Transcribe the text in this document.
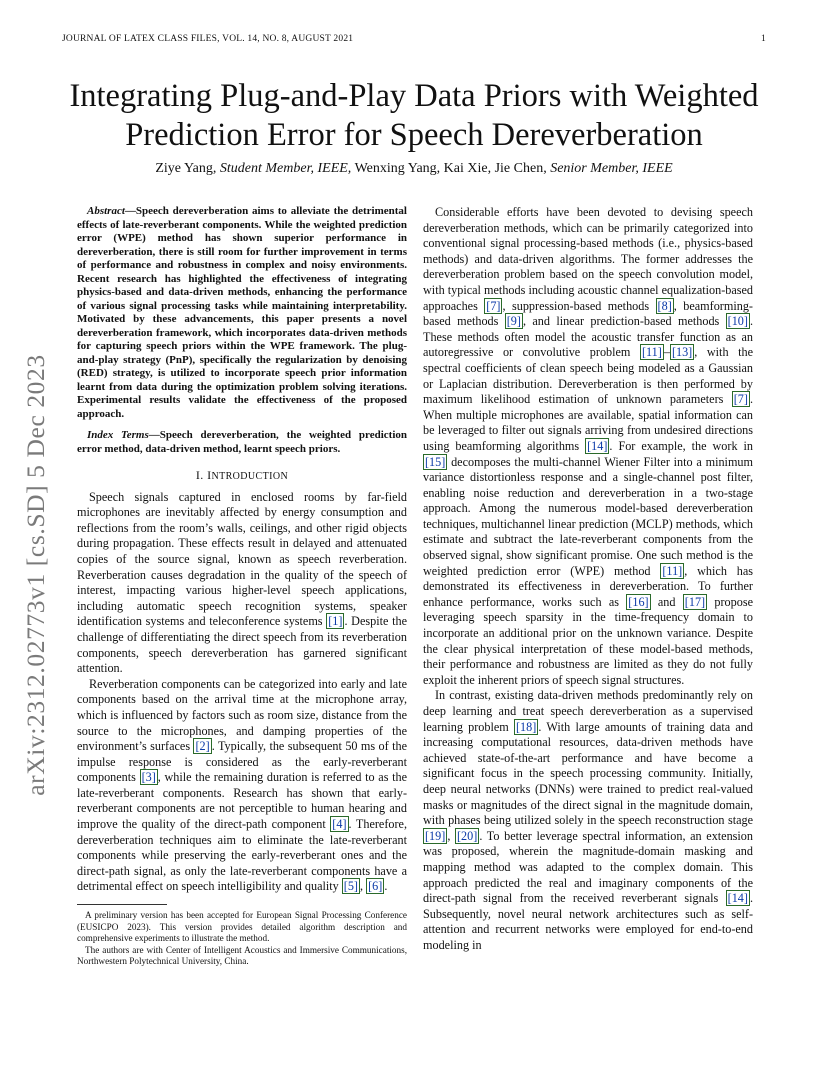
JOURNAL OF LATEX CLASS FILES, VOL. 14, NO. 8, AUGUST 2021	1
arXiv:2312.02773v1 [cs.SD] 5 Dec 2023
Integrating Plug-and-Play Data Priors with Weighted
Prediction Error for Speech Dereverberation
Ziye Yang, Student Member, IEEE, Wenxing Yang, Kai Xie, Jie Chen, Senior Member, IEEE

Abstract—Speech dereverberation aims to alleviate the detrimental effects of late-reverberant components. While the weighted prediction error (WPE) method has shown superior performance in dereverberation, there is still room for further improvement in terms of performance and robustness in complex and noisy environments. Recent research has highlighted the effectiveness of integrating physics-based and data-driven methods, enhancing the performance of various signal processing tasks while maintaining interpretability. Motivated by these advancements, this paper presents a novel dereverberation framework, which incorporates data-driven methods for capturing speech priors within the WPE framework. The plug-and-play strategy (PnP), specifically the regularization by denoising (RED) strategy, is utilized to incorporate speech prior information learnt from data during the optimization problem solving iterations. Experimental results validate the effectiveness of the proposed approach.

Index Terms—Speech dereverberation, the weighted prediction error method, data-driven method, learnt speech priors.

I. INTRODUCTION

Speech signals captured in enclosed rooms by far-field microphones are inevitably affected by energy consumption and reflections from the room’s walls, ceilings, and other rigid objects during propagation. These effects result in delayed and attenuated copies of the source signal, known as speech reverberation. Reverberation causes degradation in the quality of the speech of interest, impacting various higher-level speech applications, including automatic speech recognition systems, speaker identification systems and teleconference systems [1] . Despite the challenge of differentiating the direct speech from its reverberation components, speech dereverberation has garnered significant attention.

Reverberation components can be categorized into early and late components based on the arrival time at the microphone array, which is influenced by factors such as room size, distance from the source to the microphones, and damping properties of the environment’s surfaces [2] . Typically, the subsequent 50 ms of the impulse response is considered as the early-reverberant components [3] , while the remaining duration is referred to as the late-reverberant components. Research has shown that early-reverberant components are not perceptible to human hearing and improve the quality of the direct-path component [4] . Therefore, dereverberation techniques aim to eliminate the late-reverberant components while preserving the early-reverberant ones and the direct-path signal, as only the late-reverberant components have a detrimental effect on speech intelligibility and quality [5] , [6] .

A preliminary version has been accepted for European Signal Processing Conference (EUSICPO 2023). This version provides detailed algorithm description and comprehensive experiments to illustrate the method.

The authors are with Center of Intelligent Acoustics and Immersive Communications, Northwestern Polytechnical University, China.

Considerable efforts have been devoted to devising speech dereverberation methods, which can be primarily categorized into conventional signal processing-based methods (i.e., physics-based methods) and data-driven algorithms. The former addresses the dereverberation problem based on the speech convolution model, with typical methods including acoustic channel equalization-based approaches [7] , suppression-based methods [8] , beamforming-based methods [9] , and linear prediction-based methods [10] . These methods often model the acoustic transfer function as an autoregressive or convolutive problem [11] – [13] , with the spectral coefficients of clean speech being modeled as a Gaussian or Laplacian distribution. Dereverberation is then performed by maximum likelihood estimation of unknown parameters [7] . When multiple microphones are available, spatial information can be leveraged to filter out signals arriving from undesired directions using beamforming algorithms [14] . For example, the work in [15] decomposes the multi-channel Wiener Filter into a minimum variance distortionless response and a single-channel post filter, enabling noise reduction and dereverberation in a two-stage approach. Among the numerous model-based dereverberation techniques, multichannel linear prediction (MCLP) methods, which estimate and subtract the late-reverberant components from the observed signal, show significant promise. One such method is the weighted prediction error (WPE) method [11] , which has demonstrated its effectiveness in dereverberation. To further enhance performance, works such as [16] and [17] propose leveraging speech sparsity in the time-frequency domain to incorporate an additional prior on the unknown variance. Despite the clear physical interpretation of these model-based methods, their performance and robustness are limited as they do not fully exploit the inherent priors of speech signal structures.

In contrast, existing data-driven methods predominantly rely on deep learning and treat speech dereverberation as a supervised learning problem [18] . With large amounts of training data and increasing computational resources, data-driven methods have achieved state-of-the-art performance and have become a significant focus in the speech processing community. Initially, deep neural networks (DNNs) were trained to predict real-valued masks or magnitudes of the direct signal in the magnitude domain, with phases being utilized solely in the speech reconstruction stage [19] , [20] . To better leverage spectral information, an extension was proposed, wherein the magnitude-domain masking and mapping method was adapted to the complex domain. This approach predicted the real and imaginary components of the direct-path signal from the received reverberant signals [14] . Subsequently, novel neural network architectures such as self-attention and recurrent networks were employed for end-to-end modeling in
